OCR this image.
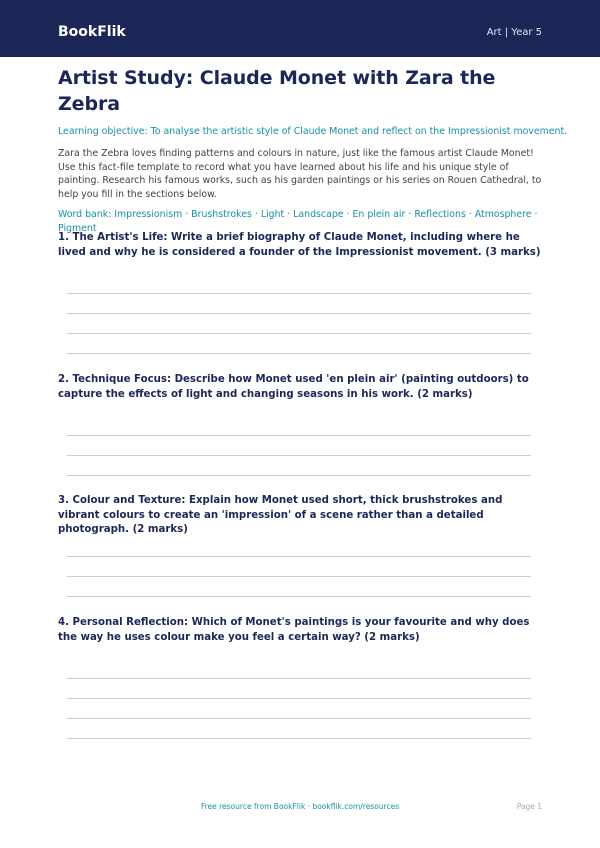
BookFlik	Art | Year 5
Artist Study: Claude Monet with Zara the Zebra
Learning objective: To analyse the artistic style of Claude Monet and reflect on the Impressionist movement.
Zara the Zebra loves finding patterns and colours in nature, just like the famous artist Claude Monet! Use this fact-file template to record what you have learned about his life and his unique style of painting. Research his famous works, such as his garden paintings or his series on Rouen Cathedral, to help you fill in the sections below.
Word bank: Impressionism · Brushstrokes · Light · Landscape · En plein air · Reflections · Atmosphere · Pigment
1. The Artist's Life: Write a brief biography of Claude Monet, including where he lived and why he is considered a founder of the Impressionist movement. (3 marks)
2. Technique Focus: Describe how Monet used 'en plein air' (painting outdoors) to capture the effects of light and changing seasons in his work. (2 marks)
3. Colour and Texture: Explain how Monet used short, thick brushstrokes and vibrant colours to create an 'impression' of a scene rather than a detailed photograph. (2 marks)
4. Personal Reflection: Which of Monet's paintings is your favourite and why does the way he uses colour make you feel a certain way? (2 marks)
Free resource from BookFlik · bookflik.com/resources	Page 1
